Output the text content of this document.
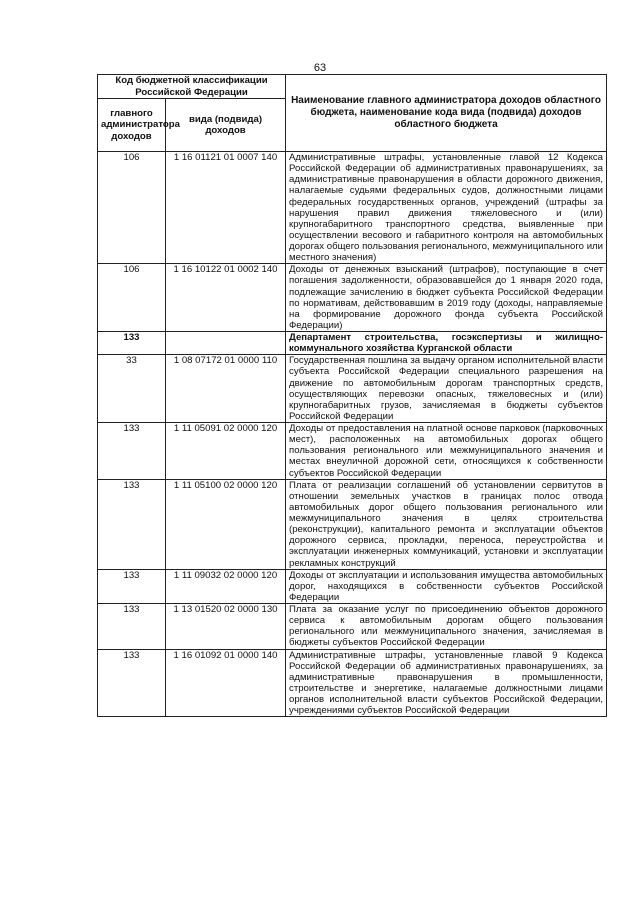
63
Код бюджетной классификации Российской Федерации		Наименование главного администратора доходов областного бюджета, наименование кода вида (подвида) доходов областного бюджета
главного администратора доходов	вида (подвида) доходов	
106	1 16 01121 01 0007 140	Административные штрафы, установленные главой 12 Кодекса Российской Федерации об административных правонарушениях, за административные правонарушения в области дорожного движения, налагаемые судьями федеральных судов, должностными лицами федеральных государственных органов, учреждений (штрафы за нарушения правил движения тяжеловесного и (или) крупногабаритного транспортного средства, выявленные при осуществлении весового и габаритного контроля на автомобильных дорогах общего пользования регионального, межмуниципального или местного значения)
106	1 16 10122 01 0002 140	Доходы от денежных взысканий (штрафов), поступающие в счет погашения задолженности, образовавшейся до 1 января 2020 года, подлежащие зачислению в бюджет субъекта Российской Федерации по нормативам, действовавшим в 2019 году (доходы, направляемые на формирование дорожного фонда субъекта Российской Федерации)
133		Департамент строительства, госэкспертизы и жилищно-коммунального хозяйства Курганской области
33	1 08 07172 01 0000 110	Государственная пошлина за выдачу органом исполнительной власти субъекта Российской Федерации специального разрешения на движение по автомобильным дорогам транспортных средств, осуществляющих перевозки опасных, тяжеловесных и (или) крупногабаритных грузов, зачисляемая в бюджеты субъектов Российской Федерации
133	1 11 05091 02 0000 120	Доходы от предоставления на платной основе парковок (парковочных мест), расположенных на автомобильных дорогах общего пользования регионального или межмуниципального значения и местах внеуличной дорожной сети, относящихся к собственности субъектов Российской Федерации
133	1 11 05100 02 0000 120	Плата от реализации соглашений об установлении сервитутов в отношении земельных участков в границах полос отвода автомобильных дорог общего пользования регионального или межмуниципального значения в целях строительства (реконструкции), капитального ремонта и эксплуатации объектов дорожного сервиса, прокладки, переноса, переустройства и эксплуатации инженерных коммуникаций, установки и эксплуатации рекламных конструкций
133	1 11 09032 02 0000 120	Доходы от эксплуатации и использования имущества автомобильных дорог, находящихся в собственности субъектов Российской Федерации
133	1 13 01520 02 0000 130	Плата за оказание услуг по присоединению объектов дорожного сервиса к автомобильным дорогам общего пользования регионального или межмуниципального значения, зачисляемая в бюджеты субъектов Российской Федерации
133	1 16 01092 01 0000 140	Административные штрафы, установленные главой 9 Кодекса Российской Федерации об административных правонарушениях, за административные правонарушения в промышленности, строительстве и энергетике, налагаемые должностными лицами органов исполнительной власти субъектов Российской Федерации, учреждениями субъектов Российской Федерации
